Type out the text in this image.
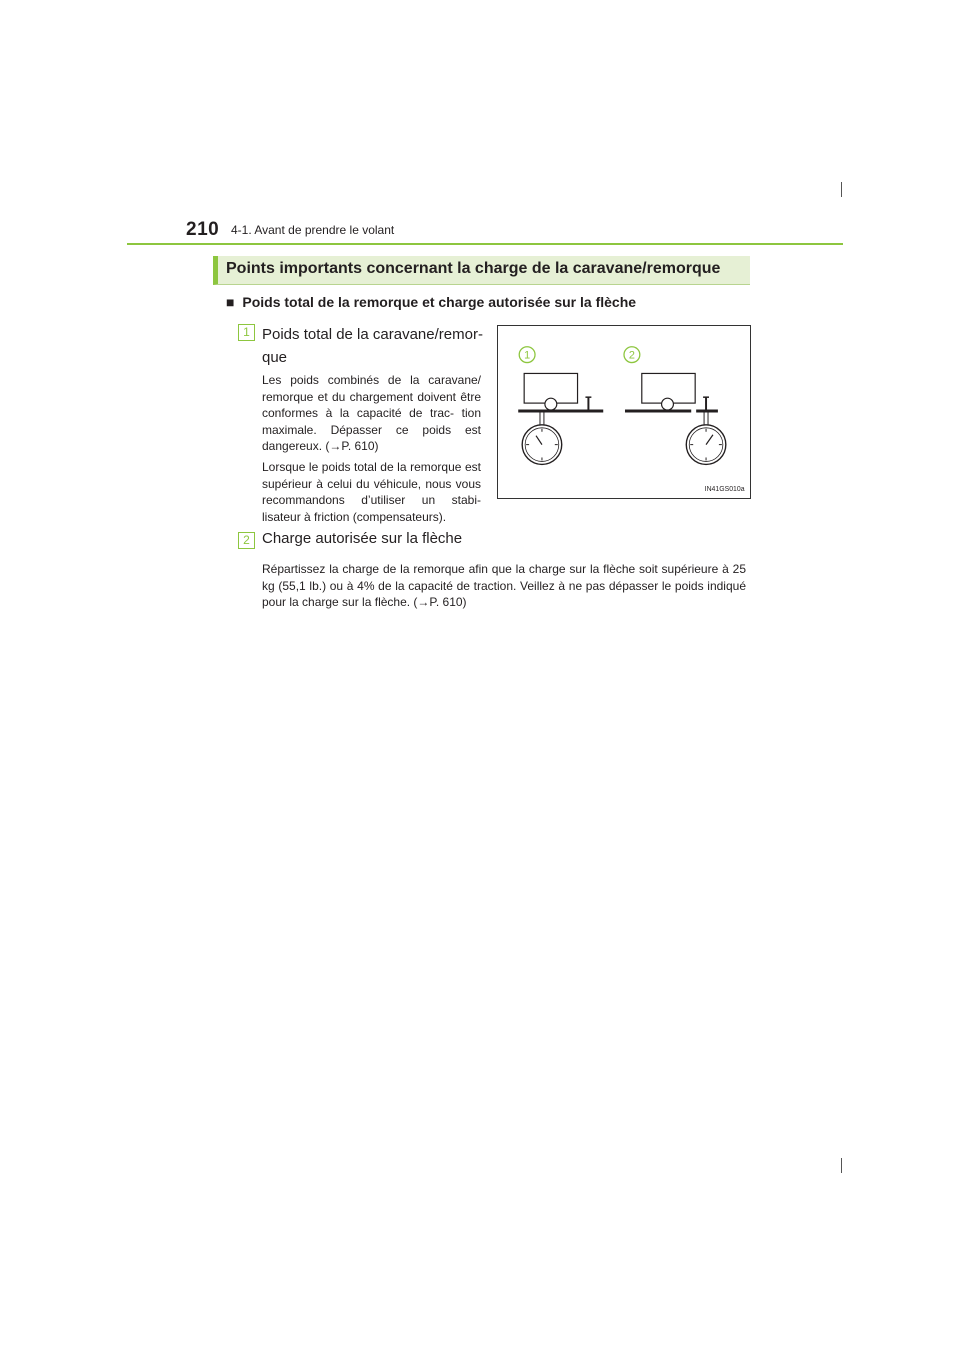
210 4-1. Avant de prendre le volant
Points importants concernant la charge de la caravane/remorque
■ Poids total de la remorque et charge autorisée sur la flèche
1 Poids total de la caravane/remor-
que
Les poids combinés de la caravane/ remorque et du chargement doivent être conformes à la capacité de trac- tion maximale. Dépasser ce poids est dangereux. (→P. 610)
Lorsque le poids total de la remorque est supérieur à celui du véhicule, nous vous recommandons d’utiliser un stabi- lisateur à friction (compensateurs).
1	2
IN41GS010a
2 Charge autorisée sur la flèche
Répartissez la charge de la remorque afin que la charge sur la flèche soit supérieure à 25 kg (55,1 lb.) ou à 4% de la capacité de traction. Veillez à ne pas dépasser le poids indiqué pour la charge sur la flèche. (→P. 610)
